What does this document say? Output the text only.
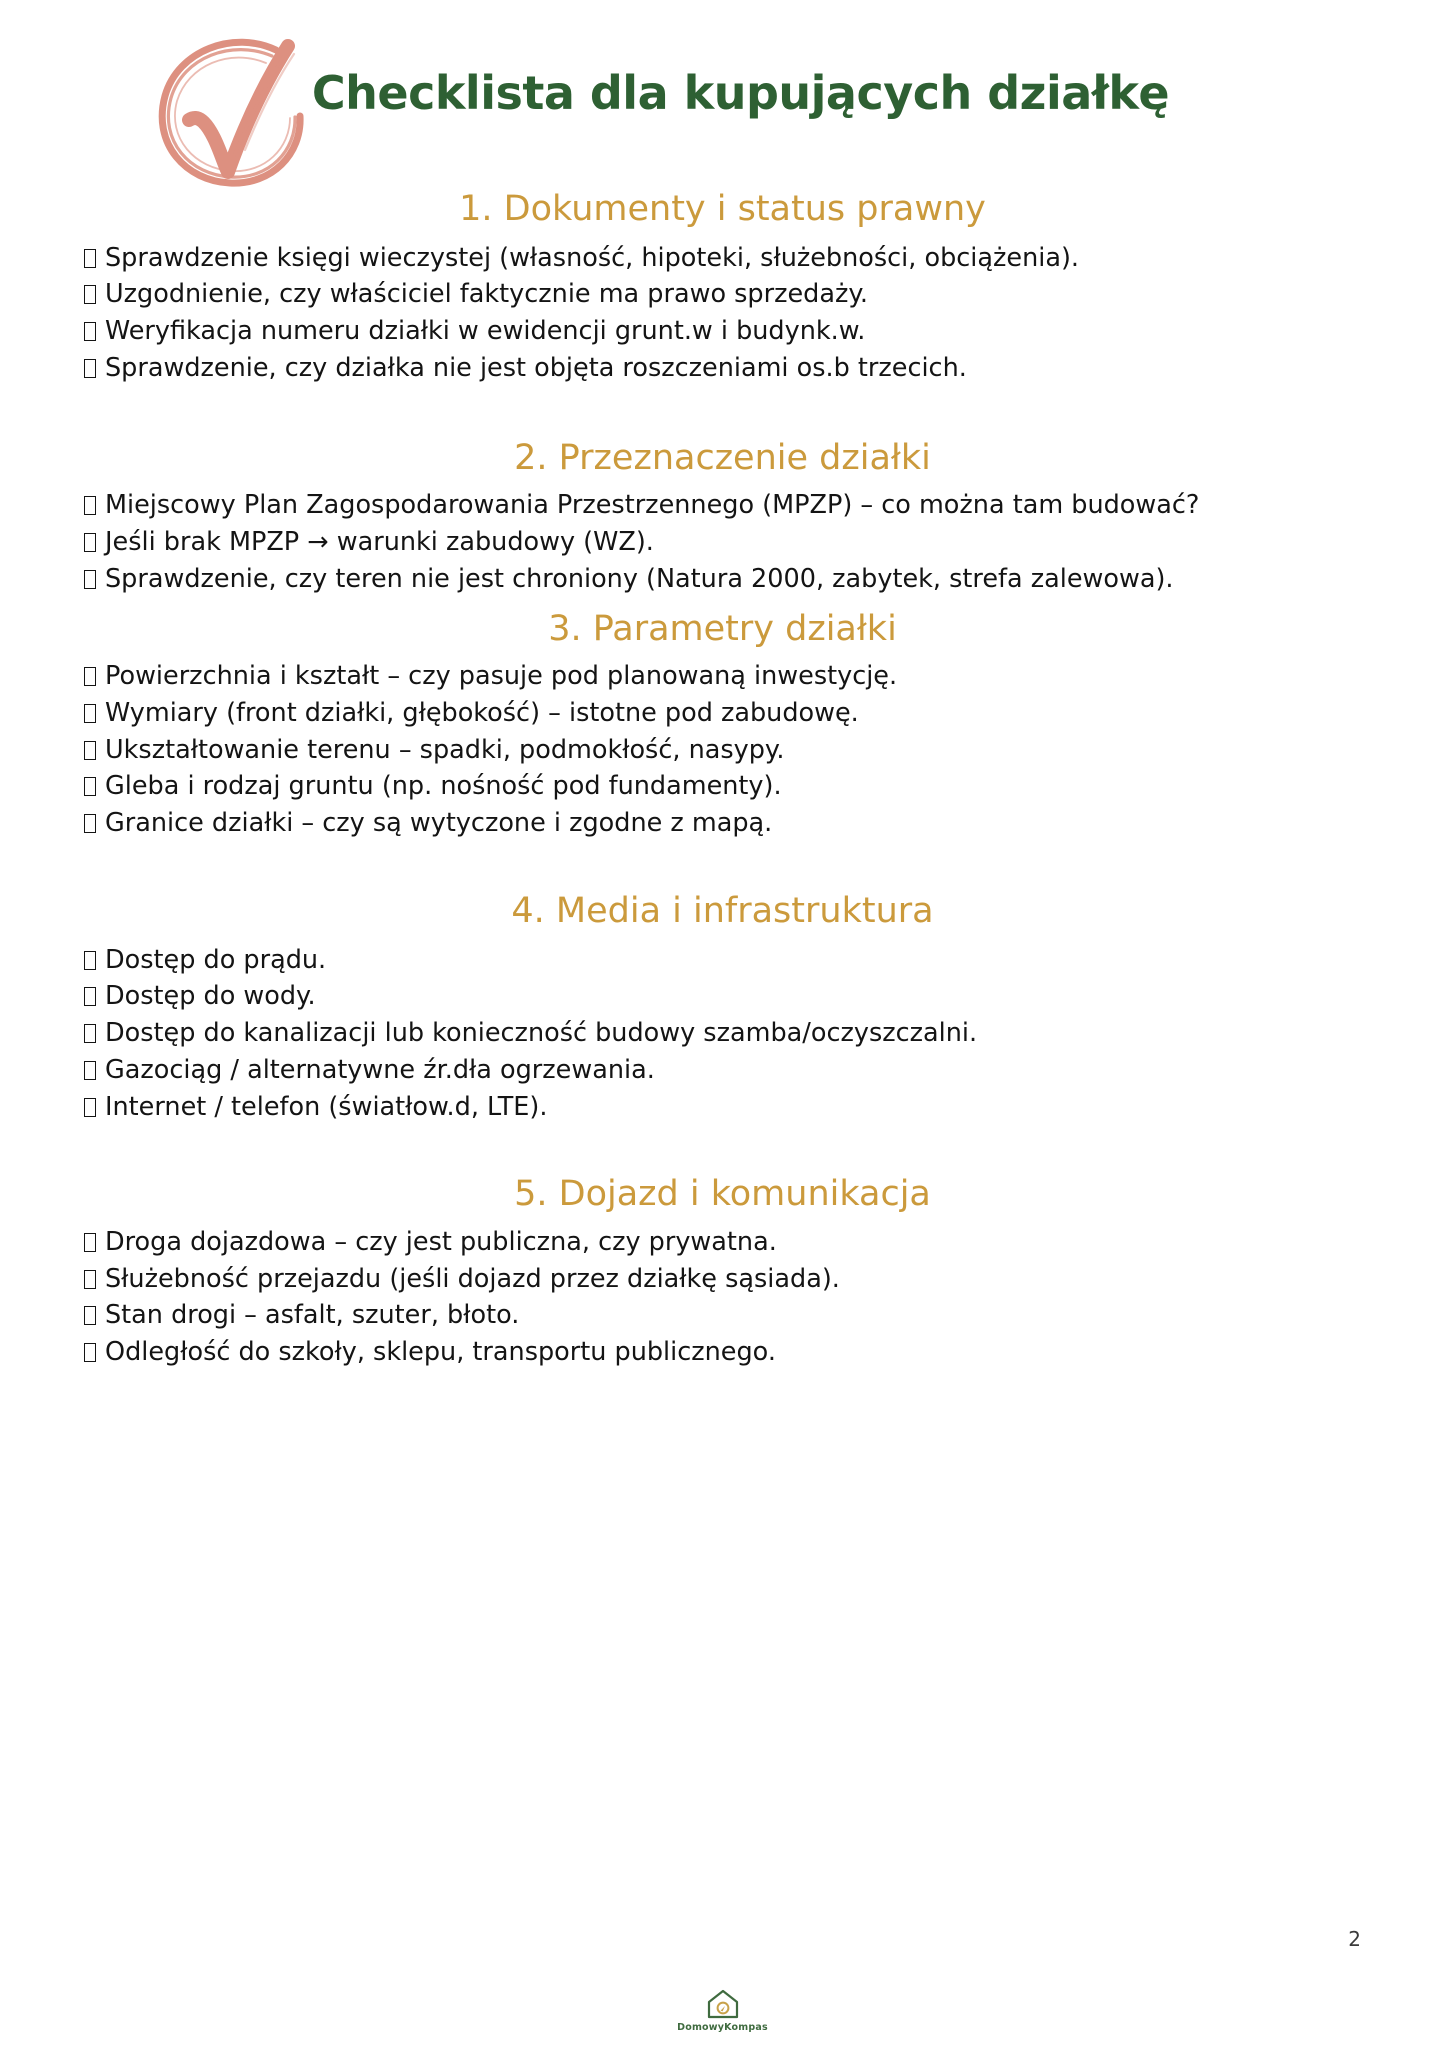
Checklista dla kupujących działkę
1. Dokumenty i status prawny
Sprawdzenie księgi wieczystej (własność, hipoteki, służebności, obciążenia).
Uzgodnienie, czy właściciel faktycznie ma prawo sprzedaży.
Weryfikacja numeru działki w ewidencji grunt.w i budynk.w.
Sprawdzenie, czy działka nie jest objęta roszczeniami os.b trzecich.
2. Przeznaczenie działki
Miejscowy Plan Zagospodarowania Przestrzennego (MPZP) – co można tam budować?
Jeśli brak MPZP → warunki zabudowy (WZ).
Sprawdzenie, czy teren nie jest chroniony (Natura 2000, zabytek, strefa zalewowa).
3. Parametry działki
Powierzchnia i kształt – czy pasuje pod planowaną inwestycję.
Wymiary (front działki, głębokość) – istotne pod zabudowę.
Ukształtowanie terenu – spadki, podmokłość, nasypy.
Gleba i rodzaj gruntu (np. nośność pod fundamenty).
Granice działki – czy są wytyczone i zgodne z mapą.
4. Media i infrastruktura
Dostęp do prądu.
Dostęp do wody.
Dostęp do kanalizacji lub konieczność budowy szamba/oczyszczalni.
Gazociąg / alternatywne źr.dła ogrzewania.
Internet / telefon (światłow.d, LTE).
5. Dojazd i komunikacja
Droga dojazdowa – czy jest publiczna, czy prywatna.
Służebność przejazdu (jeśli dojazd przez działkę sąsiada).
Stan drogi – asfalt, szuter, błoto.
Odległość do szkoły, sklepu, transportu publicznego.
2
DomowyKompas
